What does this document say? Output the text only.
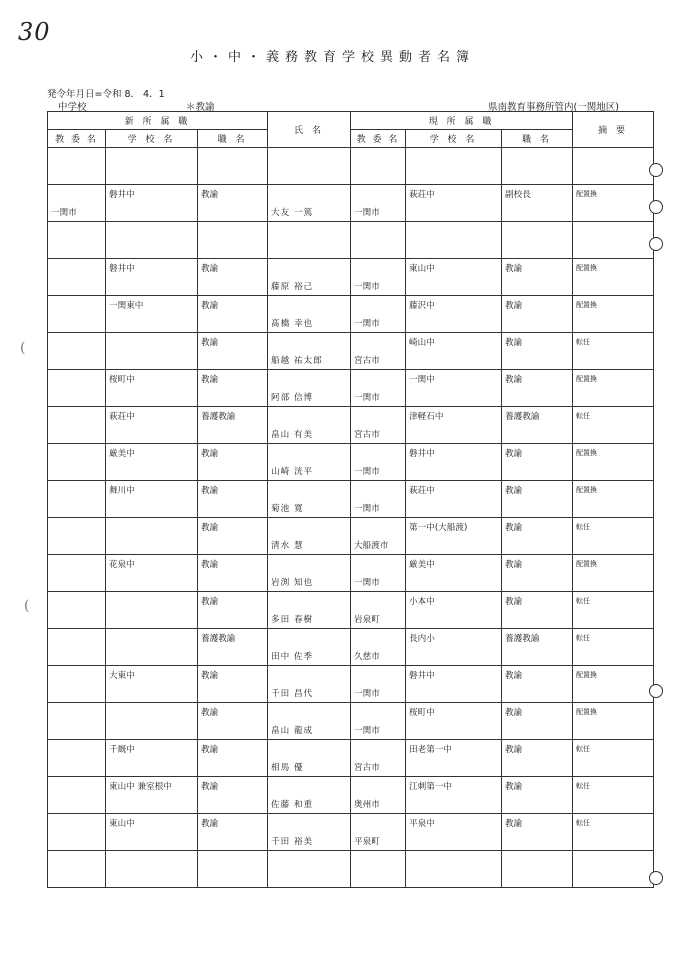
30
小・中・義務教育学校異動者名簿
発令年月日=令和 8． 4．1
中学校	＊教諭	県南教育事務所管内(一関地区)
新 所 属 職			氏 名	現 所 属 職			摘 要
教 委 名	学 校 名	職 名		教 委 名	学 校 名	職 名	

一関市	磐井中	教諭	大友 一篤	一関市	萩荘中	副校長	配置換

	磐井中	教諭	藤原 裕己	一関市	東山中	教諭	配置換
	一関東中	教諭	髙橋 幸也	一関市	藤沢中	教諭	配置換
		教諭	船越 祐太郎	宮古市	崎山中	教諭	転任
	桜町中	教諭	阿部 信博	一関市	一関中	教諭	配置換
	萩荘中	養護教諭	畠山 有美	宮古市	津軽石中	養護教諭	転任
	厳美中	教諭	山崎 洸平	一関市	磐井中	教諭	配置換
	舞川中	教諭	菊池 寛	一関市	萩荘中	教諭	配置換
		教諭	清水 慧	大船渡市	第一中(大船渡)	教諭	転任
	花泉中	教諭	岩渕 知也	一関市	厳美中	教諭	配置換
		教諭	多田 春樹	岩泉町	小本中	教諭	転任
		養護教諭	田中 佐季	久慈市	長内小	養護教諭	転任
	大東中	教諭	千田 昌代	一関市	磐井中	教諭	配置換
		教諭	畠山 龍成	一関市	桜町中	教諭	配置換
	千厩中	教諭	相馬 優	宮古市	田老第一中	教諭	転任
	東山中 兼室根中	教諭	佐藤 和重	奥州市	江刺第一中	教諭	転任
	東山中	教諭	千田 裕美	平泉町	平泉中	教諭	転任

(
(
